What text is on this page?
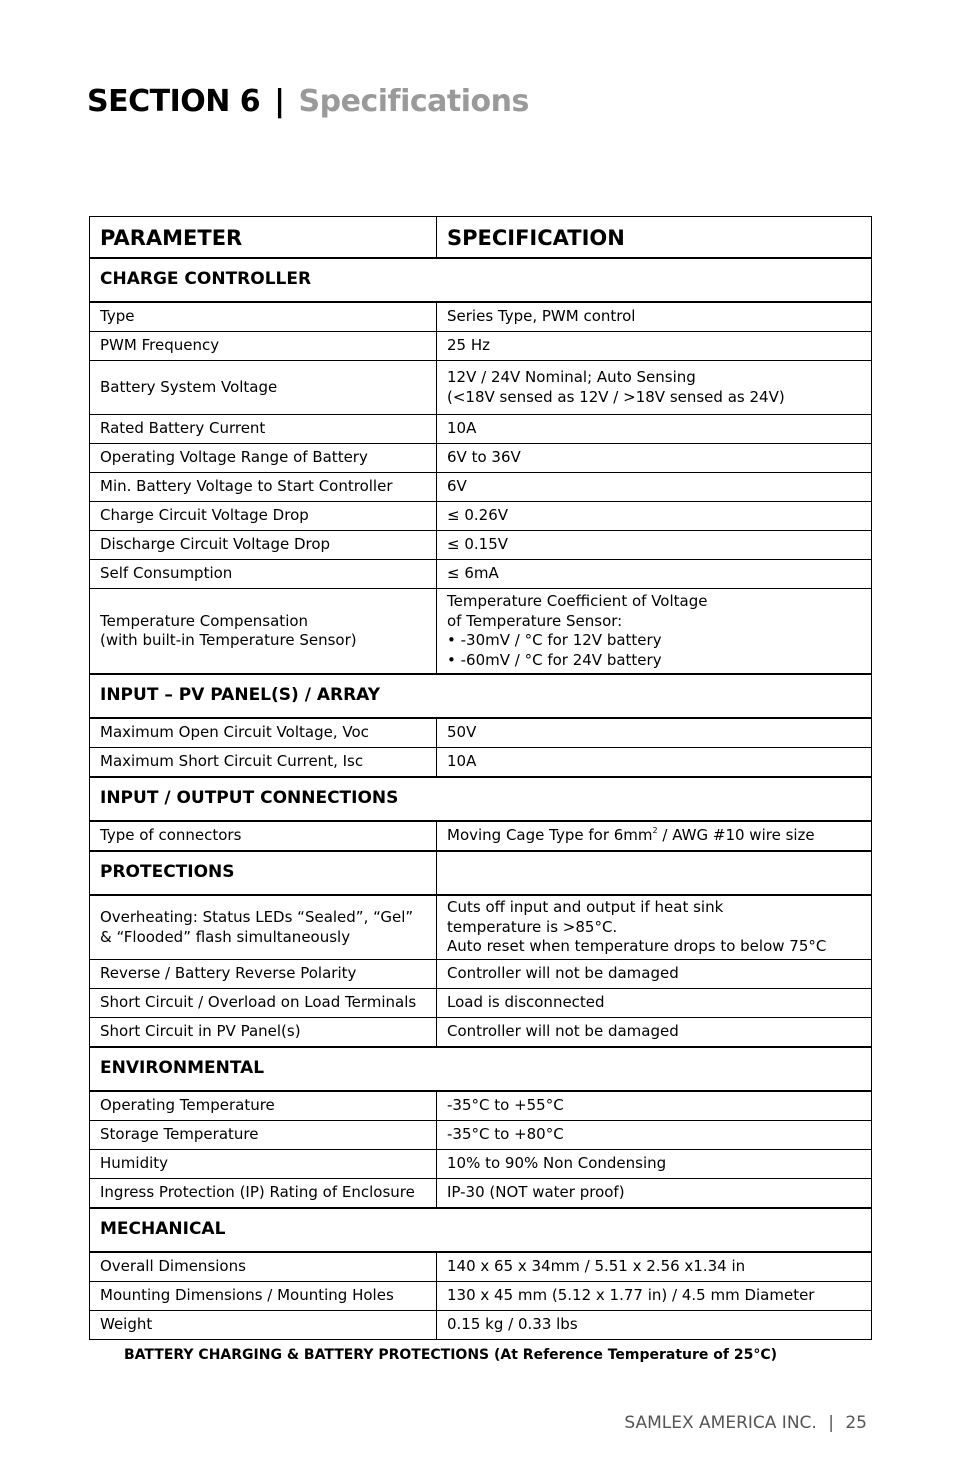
SECTION 6 | Specifications
PARAMETER	SPECIFICATION
CHARGE CONTROLLER	
Type	Series Type, PWM control
PWM Frequency	25 Hz
Battery System Voltage	12V / 24V Nominal; Auto Sensing
(<18V sensed as 12V / >18V sensed as 24V)

Rated Battery Current	10A
Operating Voltage Range of Battery	6V to 36V
Min. Battery Voltage to Start Controller	6V
Charge Circuit Voltage Drop	≤ 0.26V
Discharge Circuit Voltage Drop	≤ 0.15V
Self Consumption	≤ 6mA

Temperature Compensation
(with built-in Temperature Sensor)	Temperature Coefficient of Voltage
of Temperature Sensor:
• -30mV / °C for 12V battery
• -60mV / °C for 24V battery

INPUT – PV PANEL(S) / ARRAY	
Maximum Open Circuit Voltage, Voc	50V
Maximum Short Circuit Current, Isc	10A
INPUT / OUTPUT CONNECTIONS	
Type of connectors	Moving Cage Type for $6mm^2$ / AWG #10 wire size
PROTECTIONS	

Overheating: Status LEDs “Sealed”, “Gel”
& “Flooded” flash simultaneously	Cuts off input and output if heat sink
temperature is >85°C.
Auto reset when temperature drops to below 75°C

Reverse / Battery Reverse Polarity	Controller will not be damaged
Short Circuit / Overload on Load Terminals	Load is disconnected
Short Circuit in PV Panel(s)	Controller will not be damaged
ENVIRONMENTAL	
Operating Temperature	-35°C to +55°C
Storage Temperature	-35°C to +80°C
Humidity	10% to 90% Non Condensing
Ingress Protection (IP) Rating of Enclosure	IP-30 (NOT water proof)
MECHANICAL	
Overall Dimensions	140 x 65 x 34mm / 5.51 x 2.56 x1.34 in
Mounting Dimensions / Mounting Holes	130 x 45 mm (5.12 x 1.77 in) / 4.5 mm Diameter
Weight	0.15 kg / 0.33 lbs
BATTERY CHARGING & BATTERY PROTECTIONS (At Reference Temperature of 25°C)
SAMLEX AMERICA INC. | 25
